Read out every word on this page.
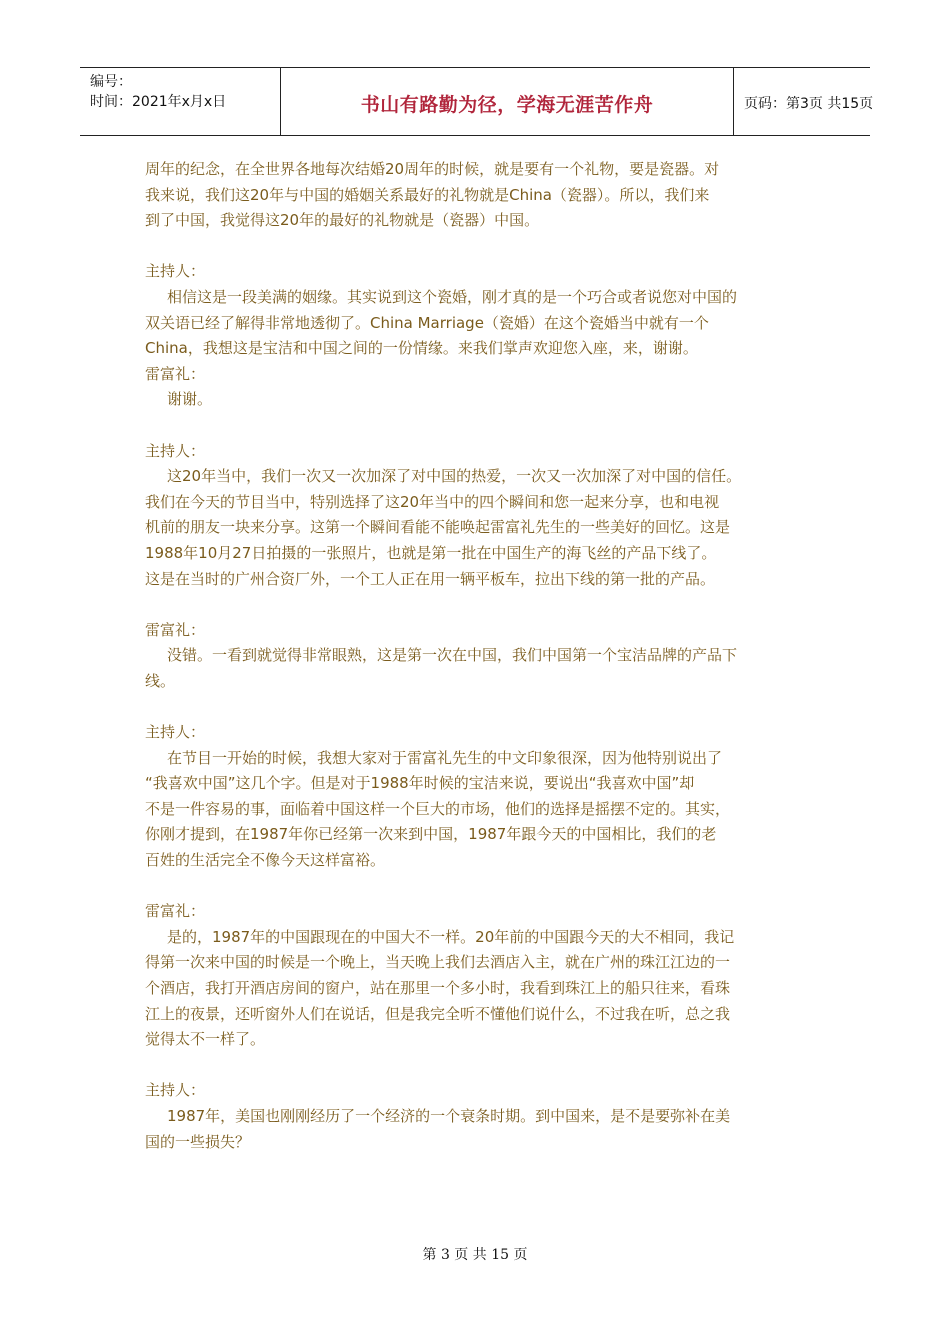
编号：
时间：2021年x月x日	书山有路勤为径，学海无涯苦作舟	页码：第3页 共15页
周年的纪念，在全世界各地每次结婚20周年的时候，就是要有一个礼物，要是瓷器。对
我来说，我们这20年与中国的婚姻关系最好的礼物就是China（瓷器）。所以，我们来
到了中国，我觉得这20年的最好的礼物就是（瓷器）中国。
主持人：
相信这是一段美满的姻缘。其实说到这个瓷婚，刚才真的是一个巧合或者说您对中国的
双关语已经了解得非常地透彻了。China Marriage（瓷婚）在这个瓷婚当中就有一个
China，我想这是宝洁和中国之间的一份情缘。来我们掌声欢迎您入座，来，谢谢。
雷富礼：
谢谢。
主持人：
这20年当中，我们一次又一次加深了对中国的热爱，一次又一次加深了对中国的信任。
我们在今天的节目当中，特别选择了这20年当中的四个瞬间和您一起来分享，也和电视
机前的朋友一块来分享。这第一个瞬间看能不能唤起雷富礼先生的一些美好的回忆。这是
1988年10月27日拍摄的一张照片，也就是第一批在中国生产的海飞丝的产品下线了。
这是在当时的广州合资厂外，一个工人正在用一辆平板车，拉出下线的第一批的产品。
雷富礼：
没错。一看到就觉得非常眼熟，这是第一次在中国，我们中国第一个宝洁品牌的产品下
线。
主持人：
在节目一开始的时候，我想大家对于雷富礼先生的中文印象很深，因为他特别说出了
“我喜欢中国”这几个字。但是对于1988年时候的宝洁来说，要说出“我喜欢中国”却
不是一件容易的事，面临着中国这样一个巨大的市场，他们的选择是摇摆不定的。其实，
你刚才提到，在1987年你已经第一次来到中国，1987年跟今天的中国相比，我们的老
百姓的生活完全不像今天这样富裕。
雷富礼：
是的，1987年的中国跟现在的中国大不一样。20年前的中国跟今天的大不相同，我记
得第一次来中国的时候是一个晚上，当天晚上我们去酒店入主，就在广州的珠江江边的一
个酒店，我打开酒店房间的窗户，站在那里一个多小时，我看到珠江上的船只往来，看珠
江上的夜景，还听窗外人们在说话，但是我完全听不懂他们说什么，不过我在听，总之我
觉得太不一样了。
主持人：
1987年，美国也刚刚经历了一个经济的一个衰条时期。到中国来，是不是要弥补在美
国的一些损失？
第 3 页 共 15 页
